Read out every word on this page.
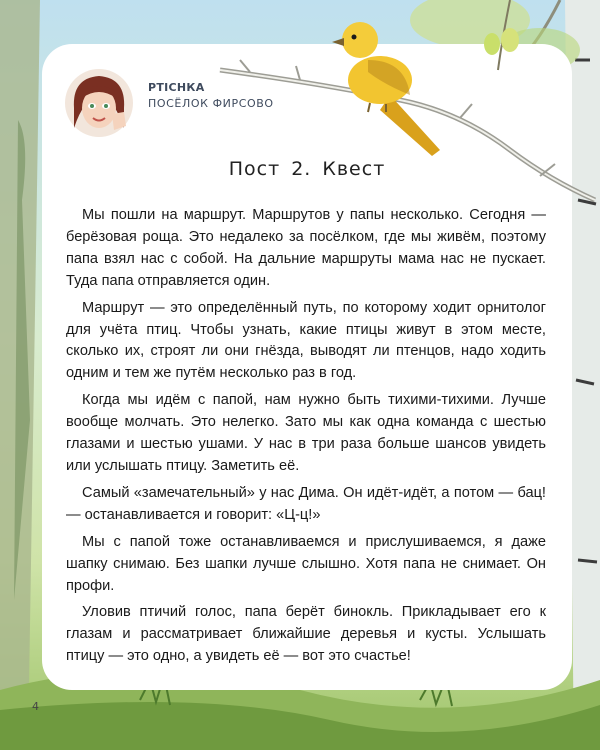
РТIСНКА
ПОСЁЛОК ФИРСОВО
Пост 2. Квест

Мы пошли на маршрут. Маршрутов у папы несколько. Сегодня — берёзовая роща. Это недалеко за посёлком, где мы живём, поэтому папа взял нас с собой. На дальние маршруты мама нас не пускает. Туда папа отправляется один.

Маршрут — это определённый путь, по которому ходит орнитолог для учёта птиц. Чтобы узнать, какие птицы живут в этом месте, сколько их, строят ли они гнёзда, выводят ли птенцов, надо ходить одним и тем же путём несколько раз в год.

Когда мы идём с папой, нам нужно быть тихими-тихими. Лучше вообще молчать. Это нелегко. Зато мы как одна команда с шестью глазами и шестью ушами. У нас в три раза больше шансов увидеть или услышать птицу. Заметить её.

Самый «замечательный» у нас Дима. Он идёт-идёт, а потом — бац! — останавливается и говорит: «Ц-ц!»

Мы с папой тоже останавливаемся и прислушиваемся, я даже шапку снимаю. Без шапки лучше слышно. Хотя папа не снимает. Он профи.

Уловив птичий голос, папа берёт бинокль. Прикладывает его к глазам и рассматривает ближайшие деревья и кусты. Услышать птицу — это одно, а увидеть её — вот это счастье!

4
